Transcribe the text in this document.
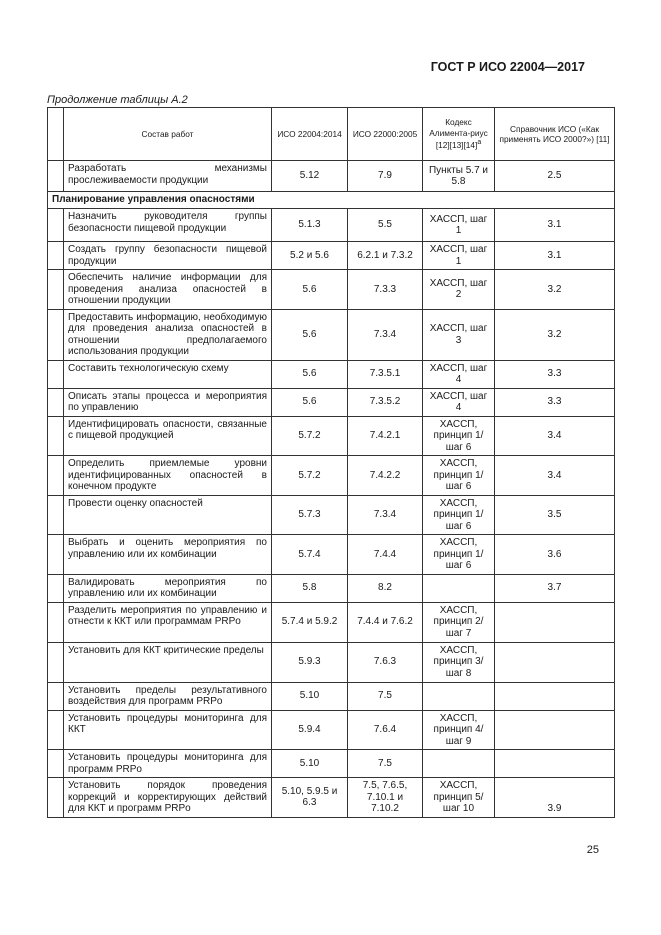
ГОСТ Р ИСО 22004—2017
Продолжение таблицы А.2
	Состав работ	ИСО 22004:2014	ИСО 22000:2005	Кодекс Алимента-риус $[12][13][14]^a$	Справочник ИСО («Как применять ИСО 2000?») [11]
	Разработать механизмы прослеживаемости продукции	5.12	7.9	Пункты 5.7 и 5.8	2.5
Планирование управления опасностями					
	Назначить руководителя группы безопасности пищевой продукции	5.1.3	5.5	ХАССП, шаг 1	3.1
	Создать группу безопасности пищевой продукции	5.2 и 5.6	6.2.1 и 7.3.2	ХАССП, шаг 1	3.1
	Обеспечить наличие информации для проведения анализа опасностей в отношении продукции	5.6	7.3.3	ХАССП, шаг 2	3.2
	Предоставить информацию, необходимую для проведения анализа опасностей в отношении предполагаемого использования продукции	5.6	7.3.4	ХАССП, шаг 3	3.2
	Составить технологическую схему	5.6	7.3.5.1	ХАССП, шаг 4	3.3
	Описать этапы процесса и мероприятия по управлению	5.6	7.3.5.2	ХАССП, шаг 4	3.3
	Идентифицировать опасности, связанные с пищевой продукцией	5.7.2	7.4.2.1	ХАССП, принцип 1/ шаг 6	3.4
	Определить приемлемые уровни идентифицированных опасностей в конечном продукте	5.7.2	7.4.2.2	ХАССП, принцип 1/ шаг 6	3.4
	Провести оценку опасностей	5.7.3	7.3.4	ХАССП, принцип 1/ шаг 6	3.5
	Выбрать и оценить мероприятия по управлению или их комбинации	5.7.4	7.4.4	ХАССП, принцип 1/ шаг 6	3.6
	Валидировать мероприятия по управлению или их комбинации	5.8	8.2		3.7
	Разделить мероприятия по управлению и отнести к ККТ или программам PRPo	5.7.4 и 5.9.2	7.4.4 и 7.6.2	ХАССП, принцип 2/ шаг 7	
	Установить для ККТ критические пределы	5.9.3	7.6.3	ХАССП, принцип 3/ шаг 8	
	Установить пределы результативного воздействия для программ PRPo	5.10	7.5		
	Установить процедуры мониторинга для ККТ	5.9.4	7.6.4	ХАССП, принцип 4/ шаг 9	
	Установить процедуры мониторинга для программ PRPo	5.10	7.5		
	Установить порядок проведения коррекций и корректирующих действий для ККТ и программ PRPo	5.10, 5.9.5 и 6.3	7.5, 7.6.5, 7.10.1 и 7.10.2	ХАССП, принцип 5/ шаг 10	3.9
25
